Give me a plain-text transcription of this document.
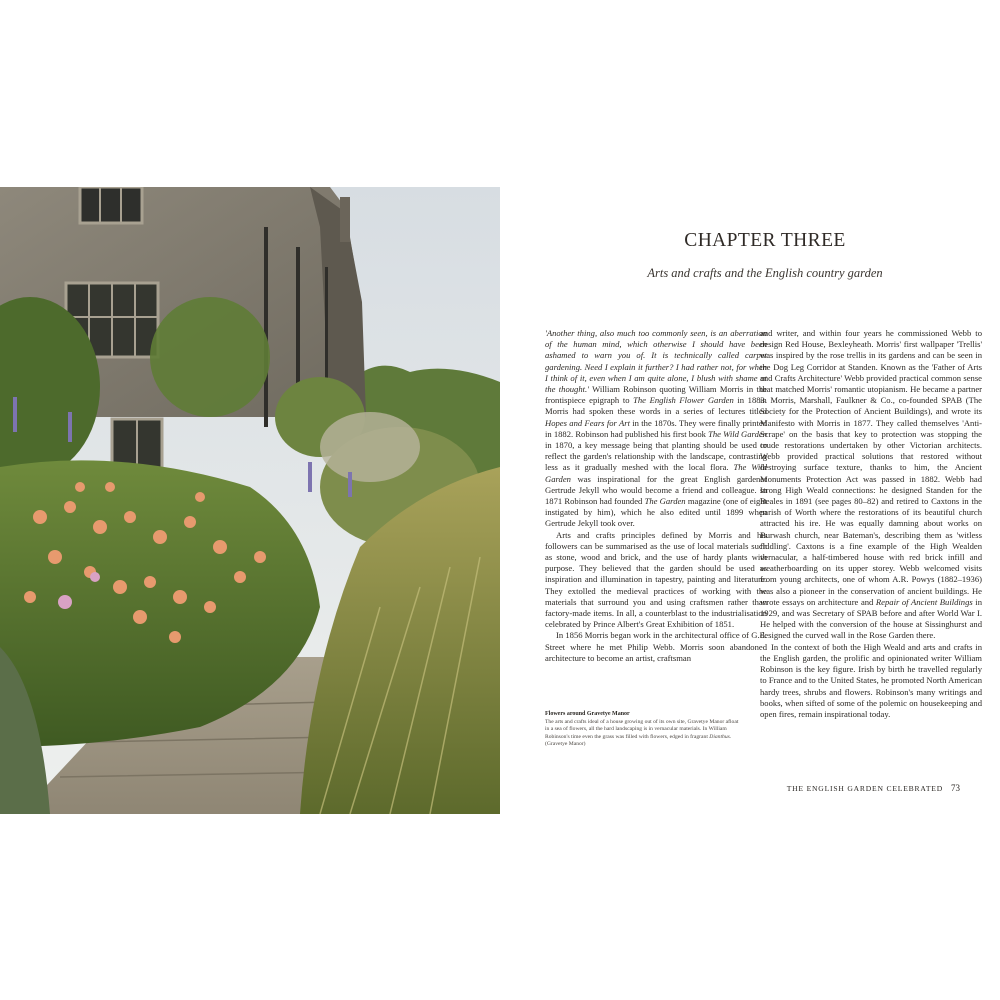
CHAPTER THREE

Arts and crafts and the English country garden

'Another thing, also much too commonly seen, is an aberration of the human mind, which otherwise I should have been ashamed to warn you of. It is technically called carpet gardening. Need I explain it further? I had rather not, for when I think of it, even when I am quite alone, I blush with shame at the thought.' William Robinson quoting William Morris in the frontispiece epigraph to The English Flower Garden in 1883. Morris had spoken these words in a series of lectures titled Hopes and Fears for Art in the 1870s. They were finally printed in 1882. Robinson had published his first book The Wild Garden in 1870, a key message being that planting should be used to reflect the garden's relationship with the landscape, contrasting less as it gradually meshed with the local flora. The Wild Garden was inspirational for the great English gardener Gertrude Jekyll who would become a friend and colleague. In 1871 Robinson had founded The Garden magazine (one of eight instigated by him), which he also edited until 1899 when Gertrude Jekyll took over.

Arts and crafts principles defined by Morris and his followers can be summarised as the use of local materials such as stone, wood and brick, and the use of hardy plants with purpose. They believed that the garden should be used as inspiration and illumination in tapestry, painting and literature. They extolled the medieval practices of working with the materials that surround you and using craftsmen rather than factory-made items. In all, a counterblast to the industrialisation celebrated by Prince Albert's Great Exhibition of 1851.

In 1856 Morris began work in the architectural office of G.E. Street where he met Philip Webb. Morris soon abandoned architecture to become an artist, craftsman

and writer, and within four years he commissioned Webb to design Red House, Bexleyheath. Morris' first wallpaper 'Trellis' was inspired by the rose trellis in its gardens and can be seen in the Dog Leg Corridor at Standen. Known as the 'Father of Arts and Crafts Architecture' Webb provided practical common sense that matched Morris' romantic utopianism. He became a partner in Morris, Marshall, Faulkner & Co., co-founded SPAB (The Society for the Protection of Ancient Buildings), and wrote its Manifesto with Morris in 1877. They called themselves 'Anti-Scrape' on the basis that key to protection was stopping the crude restorations undertaken by other Victorian architects. Webb provided practical solutions that restored without destroying surface texture, thanks to him, the Ancient Monuments Protection Act was passed in 1882. Webb had strong High Weald connections: he designed Standen for the Beales in 1891 (see pages 80–82) and retired to Caxtons in the parish of Worth where the restorations of its beautiful church attracted his ire. He was equally damning about works on Burwash church, near Bateman's, describing them as 'witless fiddling'. Caxtons is a fine example of the High Wealden vernacular, a half-timbered house with red brick infill and weatherboarding on its upper storey. Webb welcomed visits from young architects, one of whom A.R. Powys (1882–1936) was also a pioneer in the conservation of ancient buildings. He wrote essays on architecture and Repair of Ancient Buildings in 1929, and was Secretary of SPAB before and after World War I. He helped with the conversion of the house at Sissinghurst and designed the curved wall in the Rose Garden there.

In the context of both the High Weald and arts and crafts in the English garden, the prolific and opinionated writer William Robinson is the key figure. Irish by birth he travelled regularly to France and to the United States, he promoted North American hardy trees, shrubs and flowers. Robinson's many writings and books, when sifted of some of the polemic on housekeeping and open fires, remain inspirational today.

Flowers around Gravetye Manor
The arts and crafts ideal of a house growing out of its own site, Gravetye Manor afloat in a sea of flowers, all the hard landscaping is in vernacular materials. In William Robinson's time even the grass was filled with flowers, edged in fragrant Dianthus. (Gravetye Manor)
THE ENGLISH GARDEN CELEBRATED 73
